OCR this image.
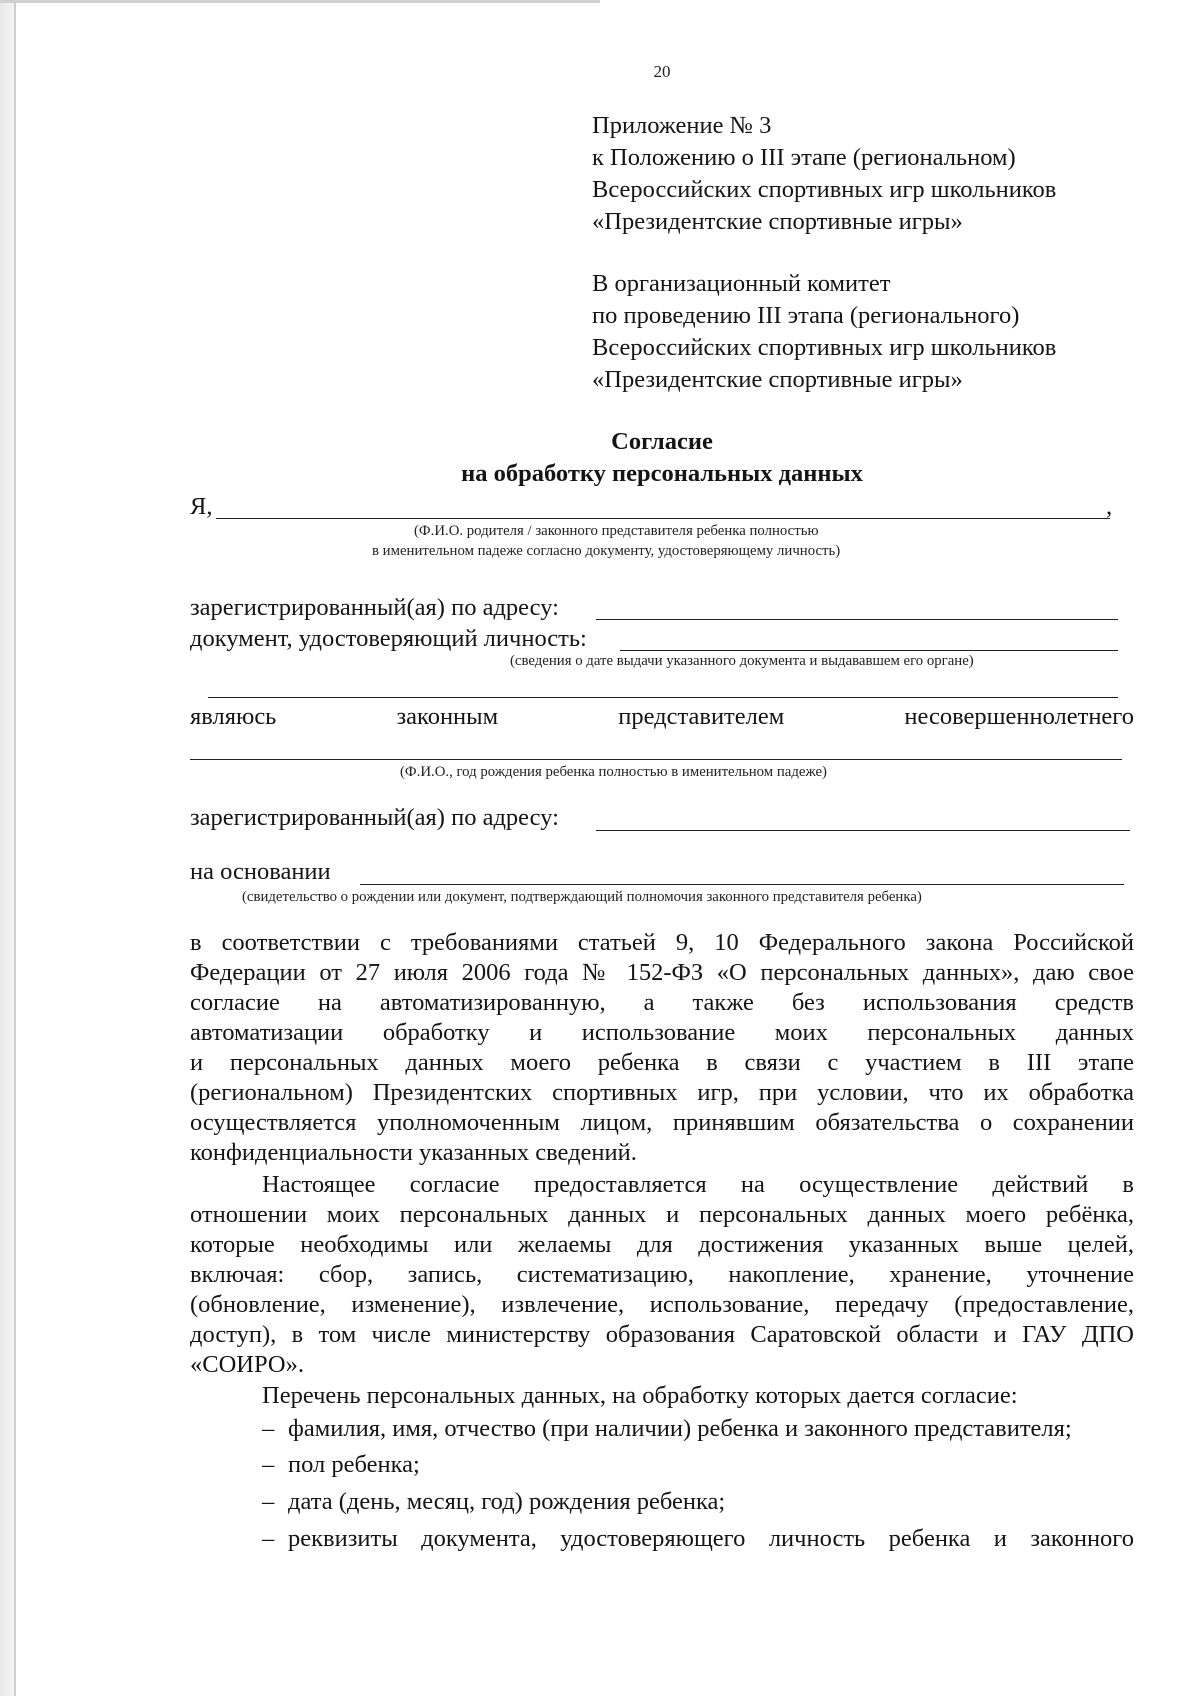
20
Приложение № 3
к Положению о III этапе (региональном)
Всероссийских спортивных игр школьников
«Президентские спортивные игры»
В организационный комитет
по проведению III этапа (регионального)
Всероссийских спортивных игр школьников
«Президентские спортивные игры»
Согласие
на обработку персональных данных
Я,	,
(Ф.И.О. родителя / законного представителя ребенка полностью
в именительном падеже согласно документу, удостоверяющему личность)
зарегистрированный(ая) по адресу:
документ, удостоверяющий личность:
(сведения о дате выдачи указанного документа и выдававшем его органе)
являюсь	законным	представителем	несовершеннолетнего
(Ф.И.О., год рождения ребенка полностью в именительном падеже)
зарегистрированный(ая) по адресу:
на основании
(свидетельство о рождении или документ, подтверждающий полномочия законного представителя ребенка)
в соответствии с требованиями статьей 9, 10 Федерального закона Российской
Федерации от 27 июля 2006 года № 152-ФЗ «О персональных данных», даю свое
согласие на автоматизированную, а также без использования средств
автоматизации обработку и использование моих персональных данных
и персональных данных моего ребенка в связи с участием в III этапе
(региональном) Президентских спортивных игр, при условии, что их обработка
осуществляется уполномоченным лицом, принявшим обязательства о сохранении
конфиденциальности указанных сведений.
Настоящее согласие предоставляется на осуществление действий в
отношении моих персональных данных и персональных данных моего ребёнка,
которые необходимы или желаемы для достижения указанных выше целей,
включая: сбор, запись, систематизацию, накопление, хранение, уточнение
(обновление, изменение), извлечение, использование, передачу (предоставление,
доступ), в том числе министерству образования Саратовской области и ГАУ ДПО
«СОИРО».
Перечень персональных данных, на обработку которых дается согласие:
– фамилия, имя, отчество (при наличии) ребенка и законного представителя;
– пол ребенка;
– дата (день, месяц, год) рождения ребенка;
– реквизиты документа, удостоверяющего личность ребенка и законного
